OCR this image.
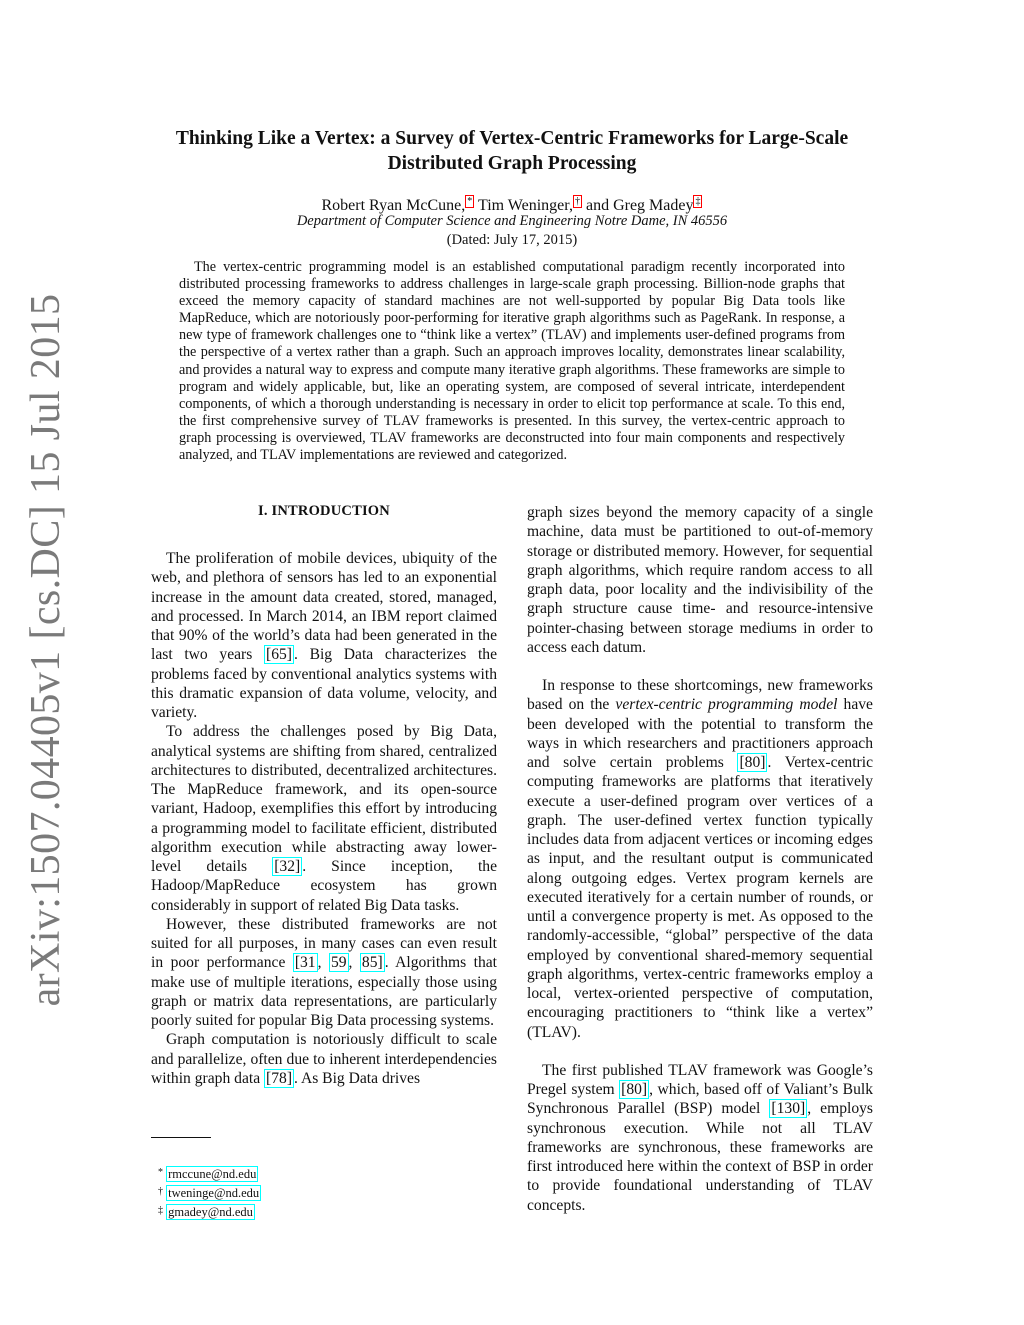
arXiv:1507.04405v1 [cs.DC] 15 Jul 2015
Thinking Like a Vertex: a Survey of Vertex-Centric Frameworks for Large-Scale Distributed Graph Processing
Robert Ryan McCune, * Tim Weninger, † and Greg Madey ‡
Department of Computer Science and Engineering Notre Dame, IN 46556
(Dated: July 17, 2015)

The vertex-centric programming model is an established computational paradigm recently incorporated into distributed processing frameworks to address challenges in large-scale graph processing. Billion-node graphs that exceed the memory capacity of standard machines are not well-supported by popular Big Data tools like MapReduce, which are notoriously poor-performing for iterative graph algorithms such as PageRank. In response, a new type of framework challenges one to “think like a vertex” (TLAV) and implements user-defined programs from the perspective of a vertex rather than a graph. Such an approach improves locality, demonstrates linear scalability, and provides a natural way to express and compute many iterative graph algorithms. These frameworks are simple to program and widely applicable, but, like an operating system, are composed of several intricate, interdependent components, of which a thorough understanding is necessary in order to elicit top performance at scale. To this end, the first comprehensive survey of TLAV frameworks is presented. In this survey, the vertex-centric approach to graph processing is overviewed, TLAV frameworks are deconstructed into four main components and respectively analyzed, and TLAV implementations are reviewed and categorized.

I. INTRODUCTION

The proliferation of mobile devices, ubiquity of the web, and plethora of sensors has led to an exponential increase in the amount data created, stored, managed, and processed. In March 2014, an IBM report claimed that 90% of the world’s data had been generated in the last two years [65] . Big Data characterizes the problems faced by conventional analytics systems with this dramatic expansion of data volume, velocity, and variety.

To address the challenges posed by Big Data, analytical systems are shifting from shared, centralized architectures to distributed, decentralized architectures. The MapReduce framework, and its open-source variant, Hadoop, exemplifies this effort by introducing a programming model to facilitate efficient, distributed algorithm execution while abstracting away lower-level details [32] . Since inception, the Hadoop/MapReduce ecosystem has grown considerably in support of related Big Data tasks.

However, these distributed frameworks are not suited for all purposes, in many cases can even result in poor performance [31 , 59 , 85] . Algorithms that make use of multiple iterations, especially those using graph or matrix data representations, are particularly poorly suited for popular Big Data processing systems.

Graph computation is notoriously difficult to scale and parallelize, often due to inherent interdependencies within graph data [78] . As Big Data drives

graph sizes beyond the memory capacity of a single machine, data must be partitioned to out-of-memory storage or distributed memory. However, for sequential graph algorithms, which require random access to all graph data, poor locality and the indivisibility of the graph structure cause time- and resource-intensive pointer-chasing between storage mediums in order to access each datum.

In response to these shortcomings, new frameworks based on the vertex-centric programming model have been developed with the potential to transform the ways in which researchers and practitioners approach and solve certain problems [80] . Vertex-centric computing frameworks are platforms that iteratively execute a user-defined program over vertices of a graph. The user-defined vertex function typically includes data from adjacent vertices or incoming edges as input, and the resultant output is communicated along outgoing edges. Vertex program kernels are executed iteratively for a certain number of rounds, or until a convergence property is met. As opposed to the randomly-accessible, “global” perspective of the data employed by conventional shared-memory sequential graph algorithms, vertex-centric frameworks employ a local, vertex-oriented perspective of computation, encouraging practitioners to “think like a vertex” (TLAV).

The first published TLAV framework was Google’s Pregel system [80] , which, based off of Valiant’s Bulk Synchronous Parallel (BSP) model [130] , employs synchronous execution. While not all TLAV frameworks are synchronous, these frameworks are first introduced here within the context of BSP in order to provide foundational understanding of TLAV concepts.

* rmccune@nd.edu
† tweninge@nd.edu
‡ gmadey@nd.edu
